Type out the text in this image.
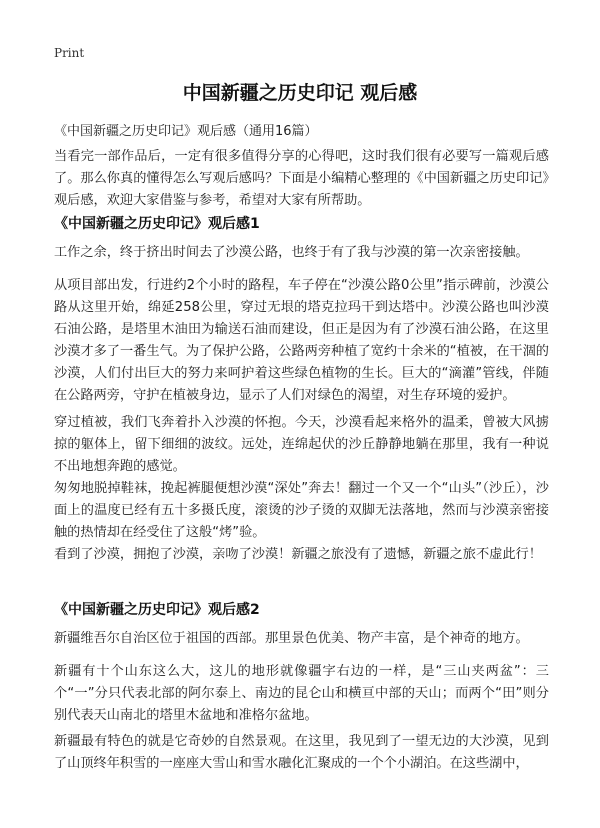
Print
中国新疆之历史印记 观后感

《中国新疆之历史印记》观后感（通用16篇）

当看完一部作品后，一定有很多值得分享的心得吧，这时我们很有必要写一篇观后感了。那么你真的懂得怎么写观后感吗？下面是小编精心整理的《中国新疆之历史印记》观后感，欢迎大家借鉴与参考，希望对大家有所帮助。

《中国新疆之历史印记》观后感1

工作之余，终于挤出时间去了沙漠公路，也终于有了我与沙漠的第一次亲密接触。

从项目部出发，行进约2个小时的路程，车子停在“沙漠公路0公里”指示碑前，沙漠公路从这里开始，绵延258公里，穿过无垠的塔克拉玛干到达塔中。沙漠公路也叫沙漠石油公路，是塔里木油田为输送石油而建设，但正是因为有了沙漠石油公路，在这里沙漠才多了一番生气。为了保护公路，公路两旁种植了宽约十余米的“植被，在干涸的沙漠，人们付出巨大的努力来呵护着这些绿色植物的生长。巨大的“滴灌”管线，伴随在公路两旁，守护在植被身边，显示了人们对绿色的渴望，对生存环境的爱护。

穿过植被，我们飞奔着扑入沙漠的怀抱。今天，沙漠看起来格外的温柔，曾被大风掳掠的躯体上，留下细细的波纹。远处，连绵起伏的沙丘静静地躺在那里，我有一种说不出地想奔跑的感觉。

匆匆地脱掉鞋袜，挽起裤腿便想沙漠“深处”奔去！翻过一个又一个“山头”（沙丘），沙面上的温度已经有五十多摄氏度，滚烫的沙子烫的双脚无法落地，然而与沙漠亲密接触的热情却在经受住了这般“烤”验。

看到了沙漠，拥抱了沙漠，亲吻了沙漠！新疆之旅没有了遗憾，新疆之旅不虚此行！

《中国新疆之历史印记》观后感2

新疆维吾尔自治区位于祖国的西部。那里景色优美、物产丰富，是个神奇的地方。

新疆有十个山东这么大，这儿的地形就像疆字右边的一样，是“三山夹两盆”：三个“一”分只代表北部的阿尔泰上、南边的昆仑山和横亘中部的天山；而两个“田”则分别代表天山南北的塔里木盆地和准格尔盆地。

新疆最有特色的就是它奇妙的自然景观。在这里，我见到了一望无边的大沙漠，见到了山顶终年积雪的一座座大雪山和雪水融化汇聚成的一个个小湖泊。在这些湖中，
